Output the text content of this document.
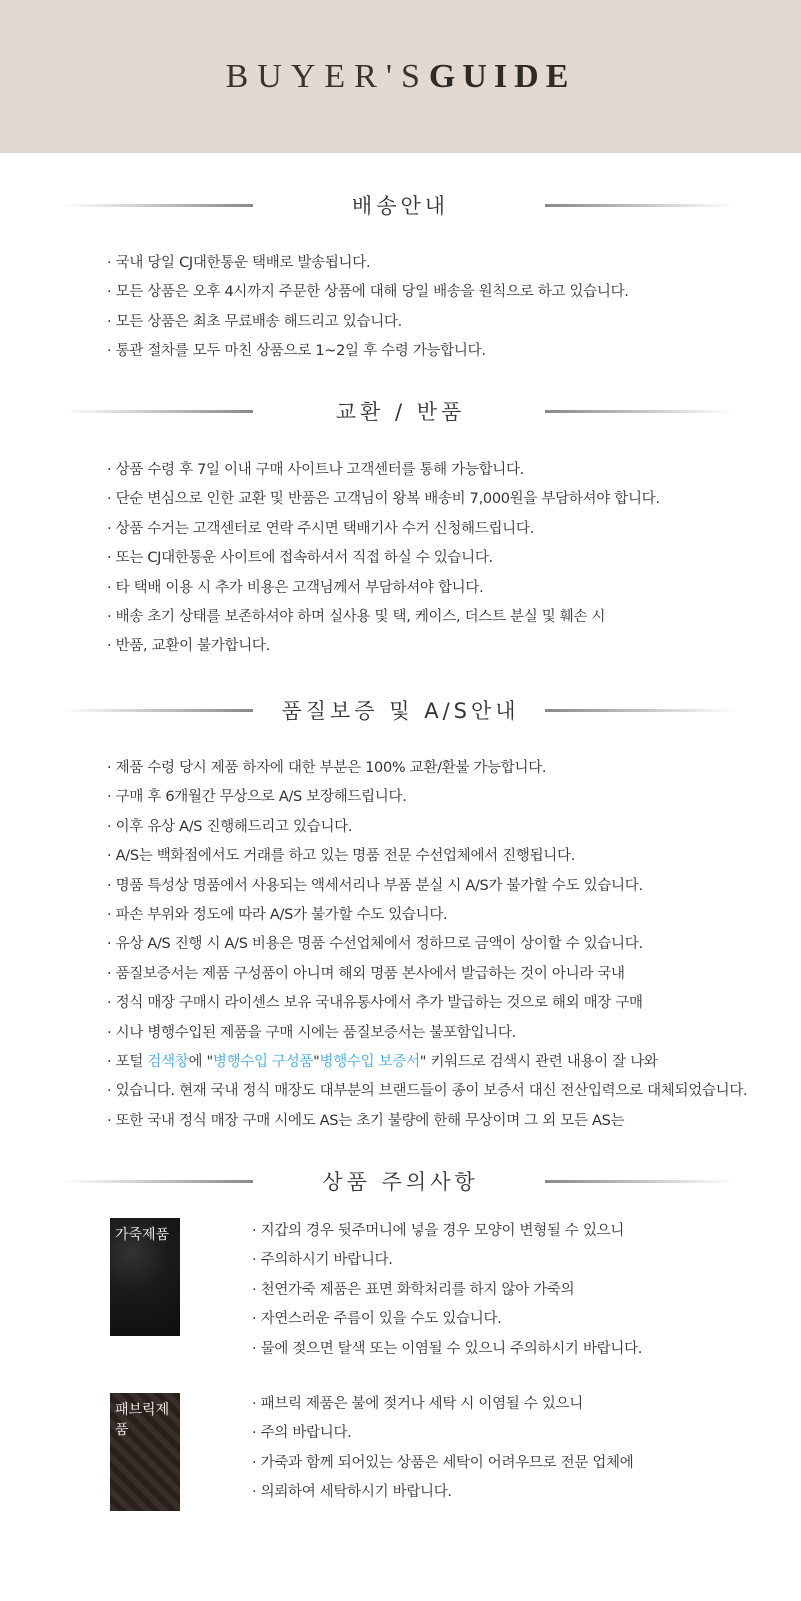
BUYER'S GUIDE
배송안내
· 국내 당일 CJ대한통운 택배로 발송됩니다.
· 모든 상품은 오후 4시까지 주문한 상품에 대해 당일 배송을 원칙으로 하고 있습니다.
· 모든 상품은 최초 무료배송 해드리고 있습니다.
· 통관 절차를 모두 마친 상품으로 1~2일 후 수령 가능합니다.
교환 / 반품
· 상품 수령 후 7일 이내 구매 사이트나 고객센터를 통해 가능합니다.
· 단순 변심으로 인한 교환 및 반품은 고객님이 왕복 배송비 7,000원을 부담하셔야 합니다.
· 상품 수거는 고객센터로 연락 주시면 택배기사 수거 신청해드립니다.
· 또는 CJ대한통운 사이트에 접속하셔서 직접 하실 수 있습니다.
· 타 택배 이용 시 추가 비용은 고객님께서 부담하셔야 합니다.
· 배송 초기 상태를 보존하셔야 하며 실사용 및 택, 케이스, 더스트 분실 및 훼손 시
· 반품, 교환이 불가합니다.
품질보증 및 A/S안내
· 제품 수령 당시 제품 하자에 대한 부분은 100% 교환/환불 가능합니다.
· 구매 후 6개월간 무상으로 A/S 보장해드립니다.
· 이후 유상 A/S 진행해드리고 있습니다.
· A/S는 백화점에서도 거래를 하고 있는 명품 전문 수선업체에서 진행됩니다.
· 명품 특성상 명품에서 사용되는 액세서리나 부품 분실 시 A/S가 불가할 수도 있습니다.
· 파손 부위와 정도에 따라 A/S가 불가할 수도 있습니다.
· 유상 A/S 진행 시 A/S 비용은 명품 수선업체에서 정하므로 금액이 상이할 수 있습니다.
· 품질보증서는 제품 구성품이 아니며 해외 명품 본사에서 발급하는 것이 아니라 국내
· 정식 매장 구매시 라이센스 보유 국내유통사에서 추가 발급하는 것으로 해외 매장 구매
· 시나 병행수입된 제품을 구매 시에는 품질보증서는 불포함입니다.
· 포털 검색창에 "병행수입 구성품"병행수입 보증서" 키워드로 검색시 관련 내용이 잘 나와
· 있습니다. 현재 국내 정식 매장도 대부분의 브랜드들이 종이 보증서 대신 전산입력으로 대체되었습니다.
· 또한 국내 정식 매장 구매 시에도 AS는 초기 불량에 한해 무상이며 그 외 모든 AS는
상품 주의사항
가죽제품	· 지갑의 경우 뒷주머니에 넣을 경우 모양이 변형될 수 있으니
· 주의하시기 바랍니다.
· 천연가죽 제품은 표면 화학처리를 하지 않아 가죽의
· 자연스러운 주름이 있을 수도 있습니다.
· 물에 젖으면 탈색 또는 이염될 수 있으니 주의하시기 바랍니다.
패브릭제품
· 패브릭 제품은 불에 젖거나 세탁 시 이염될 수 있으니
· 주의 바랍니다.
· 가죽과 함께 되어있는 상품은 세탁이 어려우므로 전문 업체에
· 의뢰하여 세탁하시기 바랍니다.
